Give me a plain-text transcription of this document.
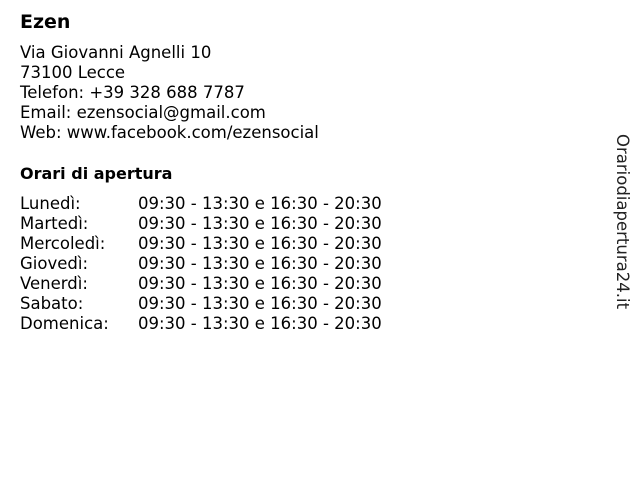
Ezen
Via Giovanni Agnelli 10
73100 Lecce
Telefon: +39 328 688 7787
Email: ezensocial@gmail.com
Web: www.facebook.com/ezensocial
Orari di apertura
Lunedì:	09:30 - 13:30 e 16:30 - 20:30
Martedì:	09:30 - 13:30 e 16:30 - 20:30
Mercoledì:	09:30 - 13:30 e 16:30 - 20:30
Giovedì:	09:30 - 13:30 e 16:30 - 20:30
Venerdì:	09:30 - 13:30 e 16:30 - 20:30
Sabato:	09:30 - 13:30 e 16:30 - 20:30
Domenica:	09:30 - 13:30 e 16:30 - 20:30
Orariodiapertura24.it
